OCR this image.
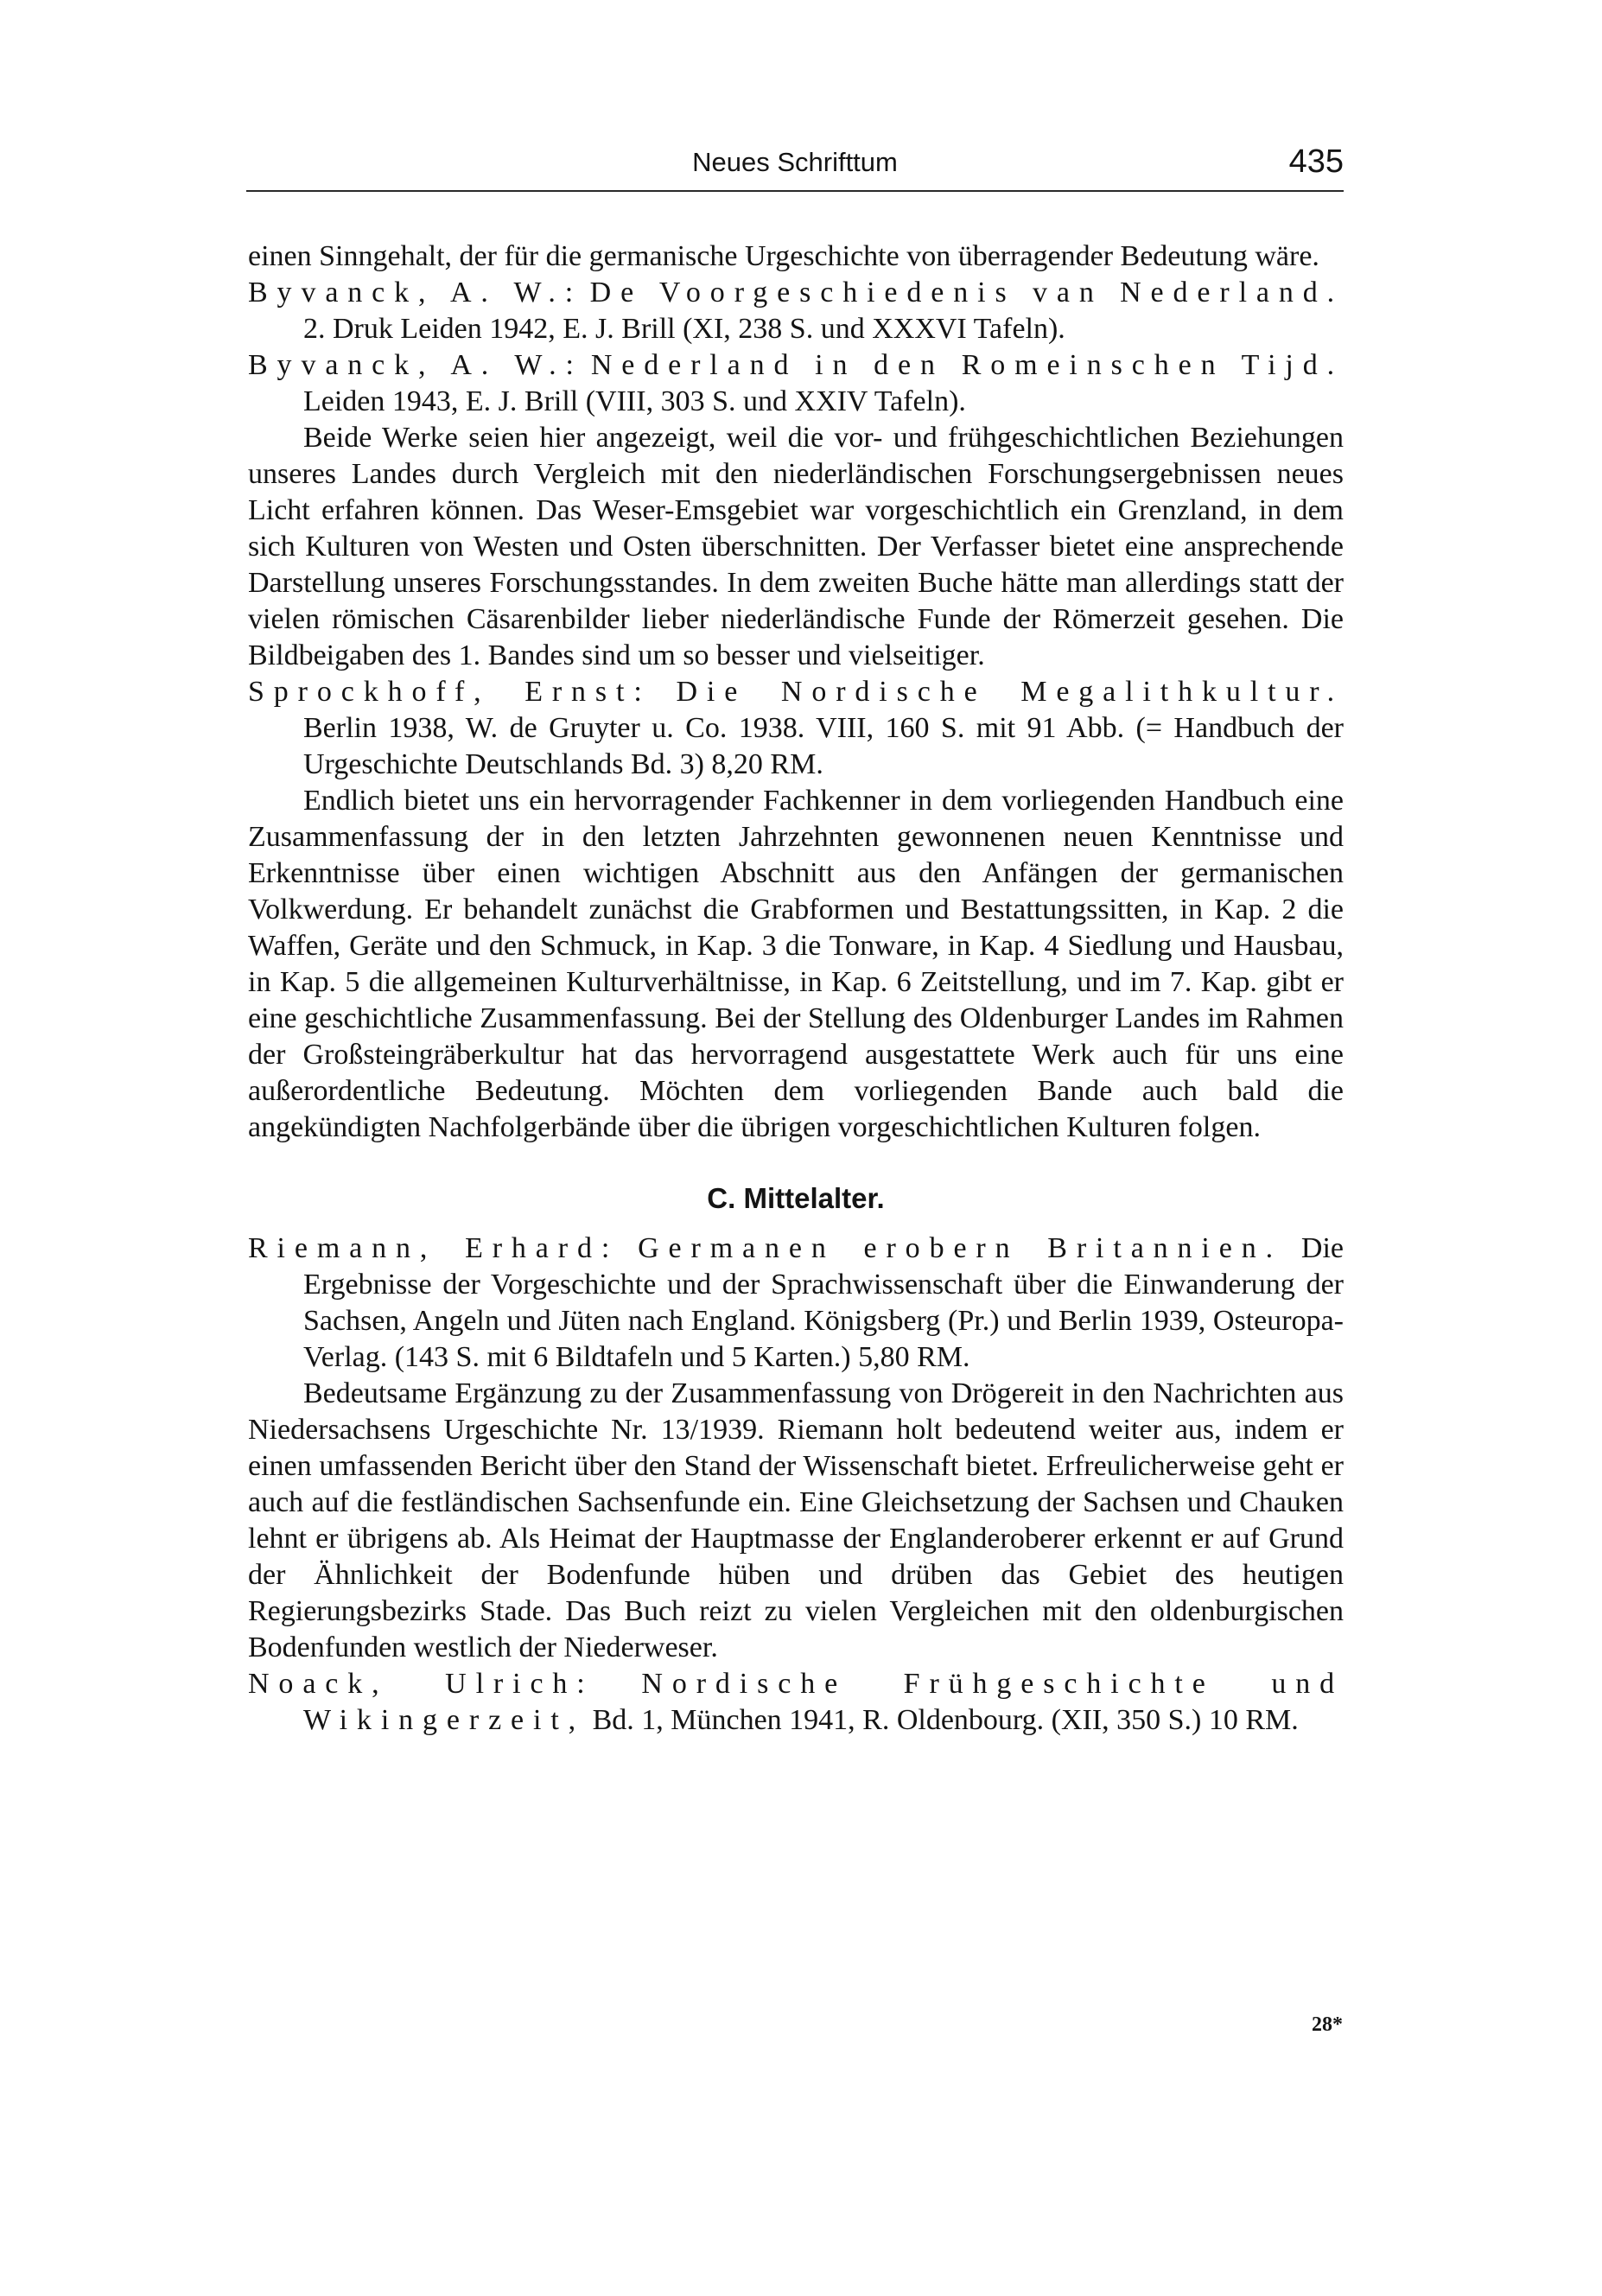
Neues Schrifttum	435

einen Sinngehalt, der für die germanische Urgeschichte von überragender Bedeutung wäre.

Byvanck, A. W.: De Voorgeschiedenis van Nederland. 2. Druk Leiden 1942, E. J. Brill (XI, 238 S. und XXXVI Tafeln).

Byvanck, A. W.: Nederland in den Romeinschen Tijd. Leiden 1943, E. J. Brill (VIII, 303 S. und XXIV Tafeln).

Beide Werke seien hier angezeigt, weil die vor- und frühgeschichtlichen Beziehungen unseres Landes durch Vergleich mit den niederländischen Forschungsergebnissen neues Licht erfahren können. Das Weser-Emsgebiet war vorgeschichtlich ein Grenzland, in dem sich Kulturen von Westen und Osten überschnitten. Der Verfasser bietet eine ansprechende Darstellung unseres Forschungsstandes. In dem zweiten Buche hätte man allerdings statt der vielen römischen Cäsarenbilder lieber niederländische Funde der Römerzeit gesehen. Die Bildbeigaben des 1. Bandes sind um so besser und vielseitiger.

Sprockhoff, Ernst: Die Nordische Megalithkultur. Berlin 1938, W. de Gruyter u. Co. 1938. VIII, 160 S. mit 91 Abb. (= Handbuch der Urgeschichte Deutschlands Bd. 3) 8,20 RM.

Endlich bietet uns ein hervorragender Fachkenner in dem vorliegenden Handbuch eine Zusammenfassung der in den letzten Jahrzehnten gewonnenen neuen Kenntnisse und Erkenntnisse über einen wichtigen Abschnitt aus den Anfängen der germanischen Volkwerdung. Er behandelt zunächst die Grabformen und Bestattungssitten, in Kap. 2 die Waffen, Geräte und den Schmuck, in Kap. 3 die Tonware, in Kap. 4 Siedlung und Hausbau, in Kap. 5 die allgemeinen Kulturverhältnisse, in Kap. 6 Zeitstellung, und im 7. Kap. gibt er eine geschichtliche Zusammenfassung. Bei der Stellung des Oldenburger Landes im Rahmen der Großsteingräberkultur hat das hervorragend ausgestattete Werk auch für uns eine außerordentliche Bedeutung. Möchten dem vorliegenden Bande auch bald die angekündigten Nachfolgerbände über die übrigen vorgeschichtlichen Kulturen folgen.

C. Mittelalter.

Riemann, Erhard: Germanen erobern Britannien. Die Ergebnisse der Vorgeschichte und der Sprachwissenschaft über die Einwanderung der Sachsen, Angeln und Jüten nach England. Königsberg (Pr.) und Berlin 1939, Osteuropa-Verlag. (143 S. mit 6 Bildtafeln und 5 Karten.) 5,80 RM.

Bedeutsame Ergänzung zu der Zusammenfassung von Drögereit in den Nachrichten aus Niedersachsens Urgeschichte Nr. 13/1939. Riemann holt bedeutend weiter aus, indem er einen umfassenden Bericht über den Stand der Wissenschaft bietet. Erfreulicherweise geht er auch auf die festländischen Sachsenfunde ein. Eine Gleichsetzung der Sachsen und Chauken lehnt er übrigens ab. Als Heimat der Hauptmasse der Englanderoberer erkennt er auf Grund der Ähnlichkeit der Bodenfunde hüben und drüben das Gebiet des heutigen Regierungsbezirks Stade. Das Buch reizt zu vielen Vergleichen mit den oldenburgischen Bodenfunden westlich der Niederweser.

Noack, Ulrich: Nordische Frühgeschichte und Wikingerzeit, Bd. 1, München 1941, R. Oldenbourg. (XII, 350 S.) 10 RM.

28*
